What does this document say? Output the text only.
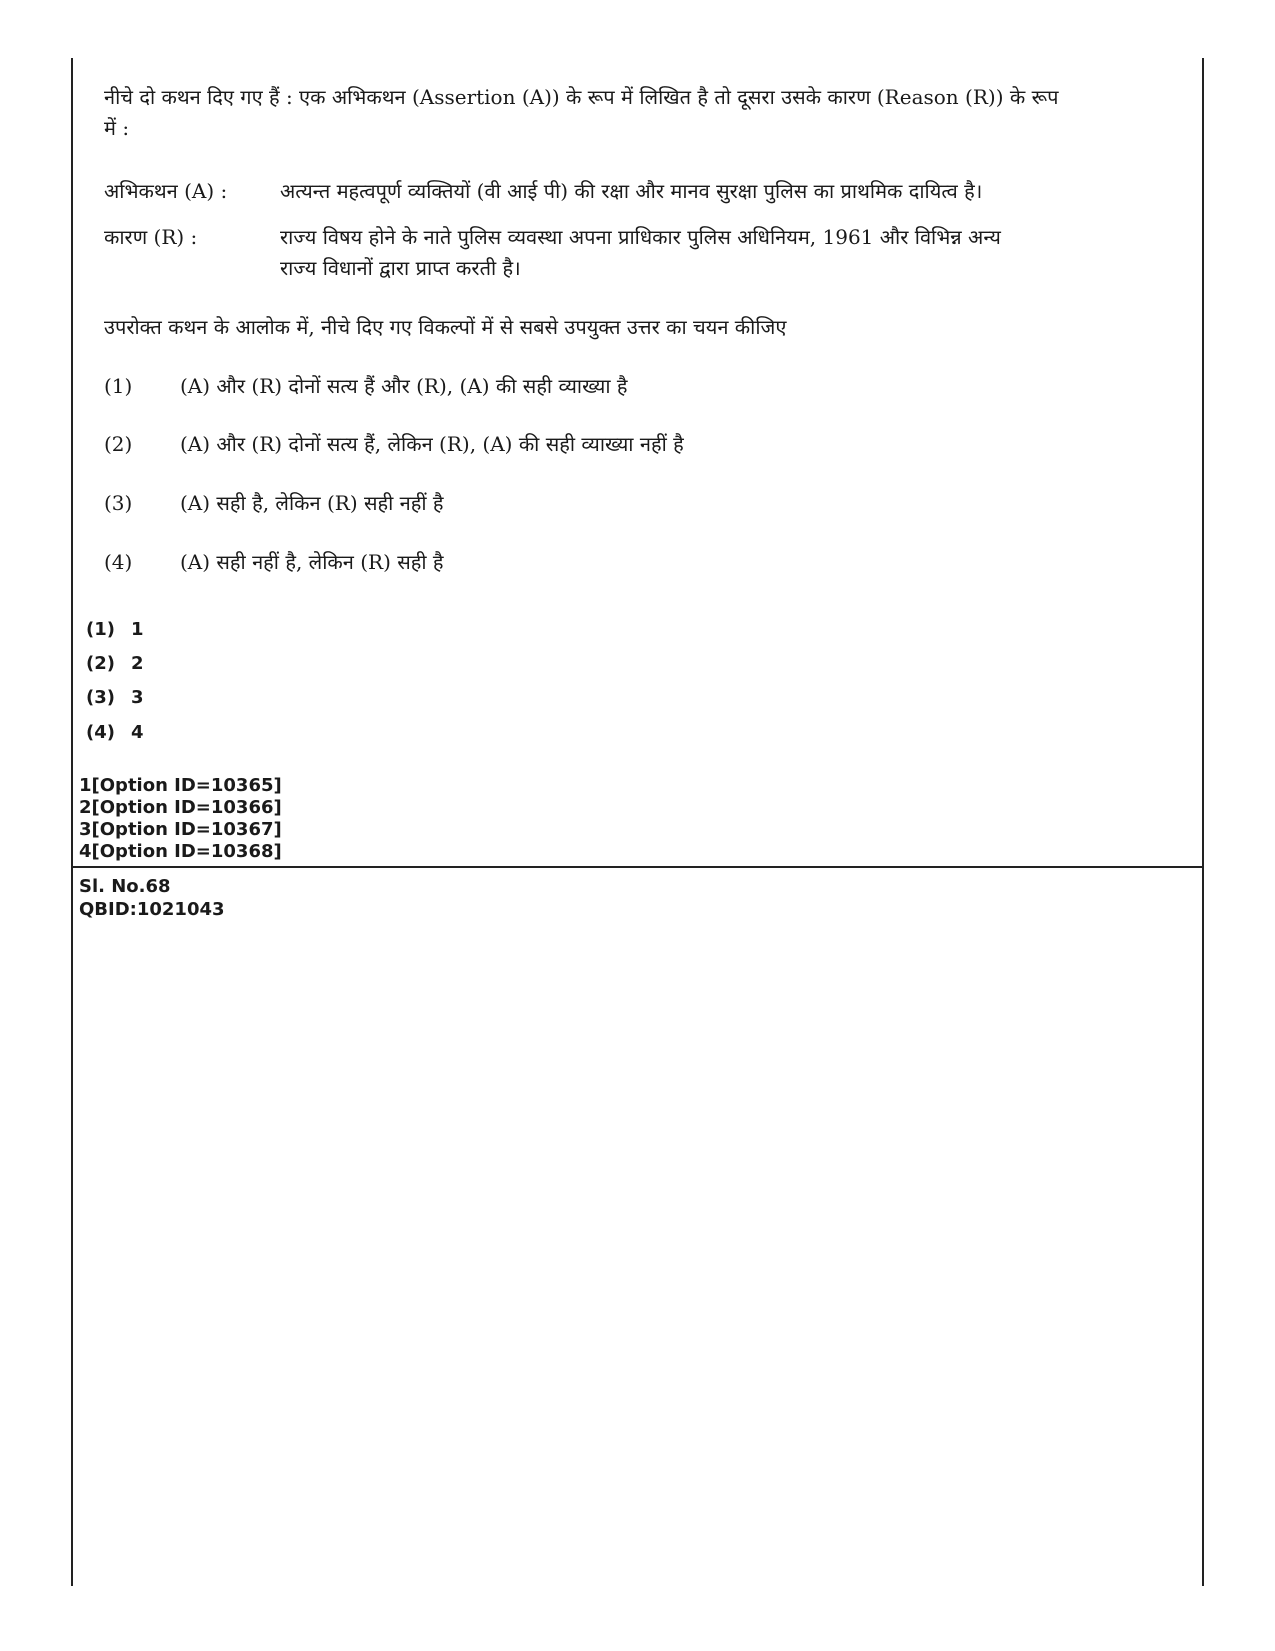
नीचे दो कथन दिए गए हैं : एक अभिकथन (Assertion (A)) के रूप में लिखित है तो दूसरा उसके कारण (Reason (R)) के रूप में :

अभिकथन (A) :	अत्यन्त महत्वपूर्ण व्यक्तियों (वी आई पी) की रक्षा और मानव सुरक्षा पुलिस का प्राथमिक दायित्व है।
कारण (R) :	राज्य विषय होने के नाते पुलिस व्यवस्था अपना प्राधिकार पुलिस अधिनियम, 1961 और विभिन्न अन्य राज्य विधानों द्वारा प्राप्त करती है।

उपरोक्त कथन के आलोक में, नीचे दिए गए विकल्पों में से सबसे उपयुक्त उत्तर का चयन कीजिए

(1) (A) और (R) दोनों सत्य हैं और (R), (A) की सही व्याख्या है
(2) (A) और (R) दोनों सत्य हैं, लेकिन (R), (A) की सही व्याख्या नहीं है
(3) (A) सही है, लेकिन (R) सही नहीं है
(4) (A) सही नहीं है, लेकिन (R) सही है
(1) 1
(2) 2
(3) 3
(4) 4
1[Option ID=10365]
2[Option ID=10366]
3[Option ID=10367]
4[Option ID=10368]
Sl. No.68
QBID:1021043
